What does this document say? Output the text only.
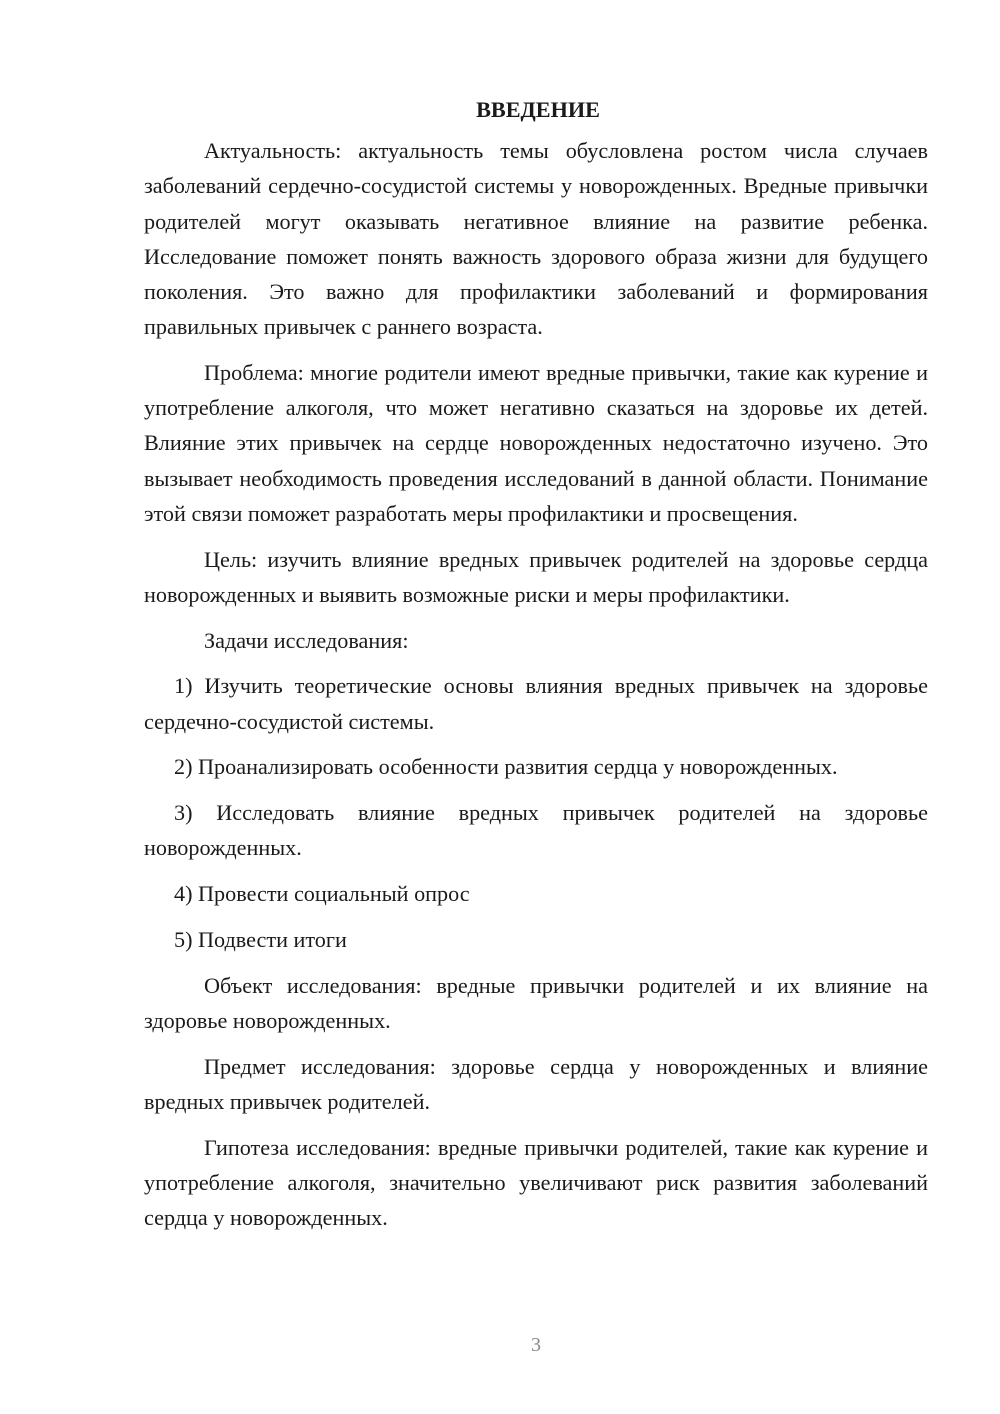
ВВЕДЕНИЕ

Актуальность: актуальность темы обусловлена ростом числа случаев заболеваний сердечно-сосудистой системы у новорожденных. Вредные привычки родителей могут оказывать негативное влияние на развитие ребенка. Исследование поможет понять важность здорового образа жизни для будущего поколения. Это важно для профилактики заболеваний и формирования правильных привычек с раннего возраста.

Проблема: многие родители имеют вредные привычки, такие как курение и употребление алкоголя, что может негативно сказаться на здоровье их детей. Влияние этих привычек на сердце новорожденных недостаточно изучено. Это вызывает необходимость проведения исследований в данной области. Понимание этой связи поможет разработать меры профилактики и просвещения.

Цель: изучить влияние вредных привычек родителей на здоровье сердца новорожденных и выявить возможные риски и меры профилактики.

Задачи исследования:

1) Изучить теоретические основы влияния вредных привычек на здоровье сердечно-сосудистой системы.

2) Проанализировать особенности развития сердца у новорожденных.

3) Исследовать влияние вредных привычек родителей на здоровье новорожденных.

4) Провести социальный опрос

5) Подвести итоги

Объект исследования: вредные привычки родителей и их влияние на здоровье новорожденных.

Предмет исследования: здоровье сердца у новорожденных и влияние вредных привычек родителей.

Гипотеза исследования: вредные привычки родителей, такие как курение и употребление алкоголя, значительно увеличивают риск развития заболеваний сердца у новорожденных.

3
